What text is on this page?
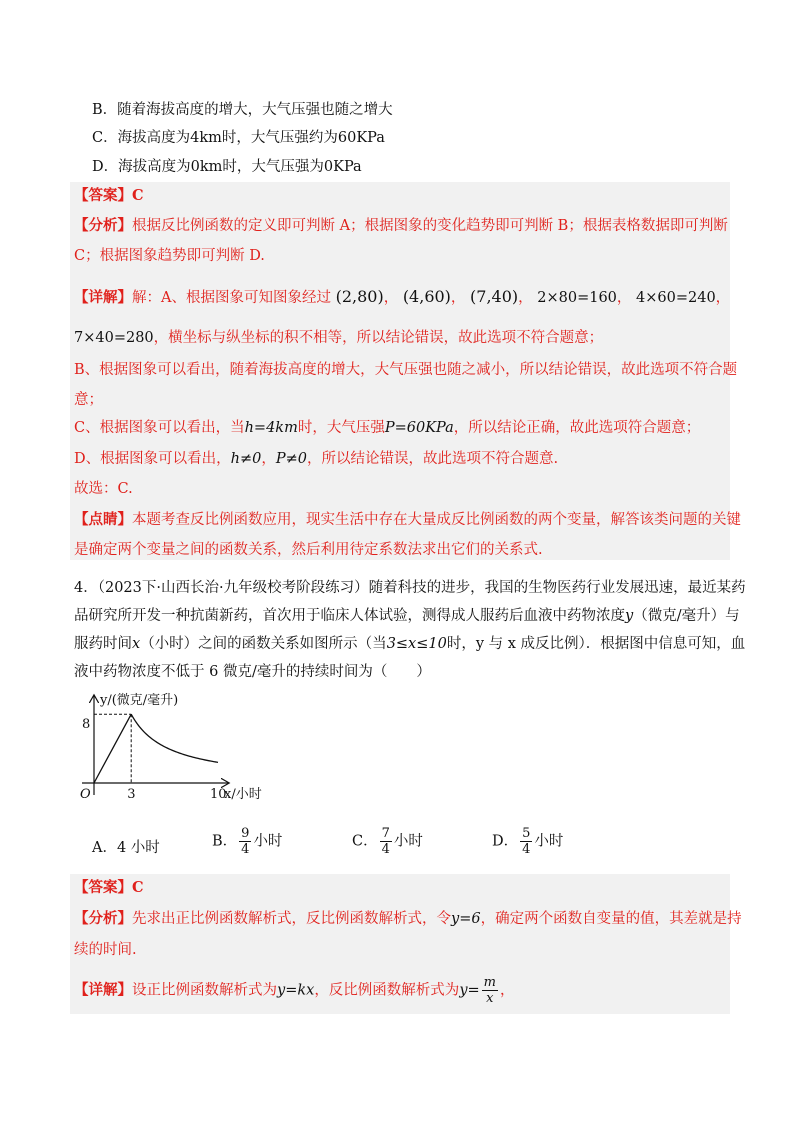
B．随着海拔高度的增大，大气压强也随之增大
C．海拔高度为4km时，大气压强约为60KPa
D．海拔高度为0km时，大气压强为0KPa
【答案】C
【分析】根据反比例函数的定义即可判断 A；根据图象的变化趋势即可判断 B；根据表格数据即可判断
C；根据图象趋势即可判断 D.
【详解】解：A、根据图象可知图象经过 (2,80)， (4,60)， (7,40)， 2×80=160， 4×60=240，
7×40=280，横坐标与纵坐标的积不相等，所以结论错误，故此选项不符合题意；
B、根据图象可以看出，随着海拔高度的增大，大气压强也随之减小，所以结论错误，故此选项不符合题
意；
C、根据图象可以看出，当h=4km时，大气压强P=60KPa，所以结论正确，故此选项符合题意；
D、根据图象可以看出，h≠0，P≠0，所以结论错误，故此选项不符合题意.
故选：C.
【点睛】本题考查反比例函数应用，现实生活中存在大量成反比例函数的两个变量，解答该类问题的关键
是确定两个变量之间的函数关系，然后利用待定系数法求出它们的关系式.
4．（2023下·山西长治·九年级校考阶段练习）随着科技的进步，我国的生物医药行业发展迅速，最近某药
品研究所开发一种抗菌新药，首次用于临床人体试验，测得成人服药后血液中药物浓度y（微克/毫升）与
服药时间x（小时）之间的函数关系如图所示（当3≤x≤10时，y 与 x 成反比例）．根据图中信息可知，血
液中药物浓度不低于 6 微克/毫升的持续时间为（　　）
y/(微克/毫升)
8
O	3	10
x/小时
A．4 小时	B． $\frac{9}{4}$ 小时	C． $\frac{7}{4}$ 小时	D． $\frac{5}{4}$ 小时
【答案】C
【分析】先求出正比例函数解析式，反比例函数解析式，令y=6，确定两个函数自变量的值，其差就是持
续的时间.
【详解】设正比例函数解析式为y=kx，反比例函数解析式为$y= \frac{m}{x}$ ，
